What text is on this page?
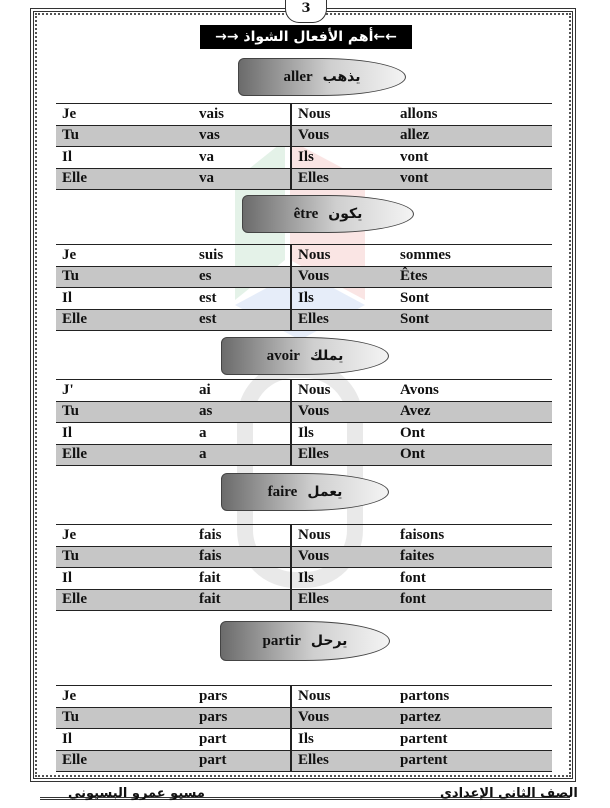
3
←←أهم الأفعال الشواذ →→
aller يذهب
Je	vais	Nous	allons
Tu	vas	Vous	allez
Il	va	Ils	vont
Elle	va	Elles	vont
être يكون
Je	suis	Nous	sommes
Tu	es	Vous	Êtes
Il	est	Ils	Sont
Elle	est	Elles	Sont
avoir يملك
J'	ai	Nous	Avons
Tu	as	Vous	Avez
Il	a	Ils	Ont
Elle	a	Elles	Ont
faire يعمل
Je	fais	Nous	faisons
Tu	fais	Vous	faites
Il	fait	Ils	font
Elle	fait	Elles	font
partir يرحل
Je	pars	Nous	partons
Tu	pars	Vous	partez
Il	part	Ils	partent
Elle	part	Elles	partent
مسيو عمرو البسيوني	الصف الثانى الإعدادى
